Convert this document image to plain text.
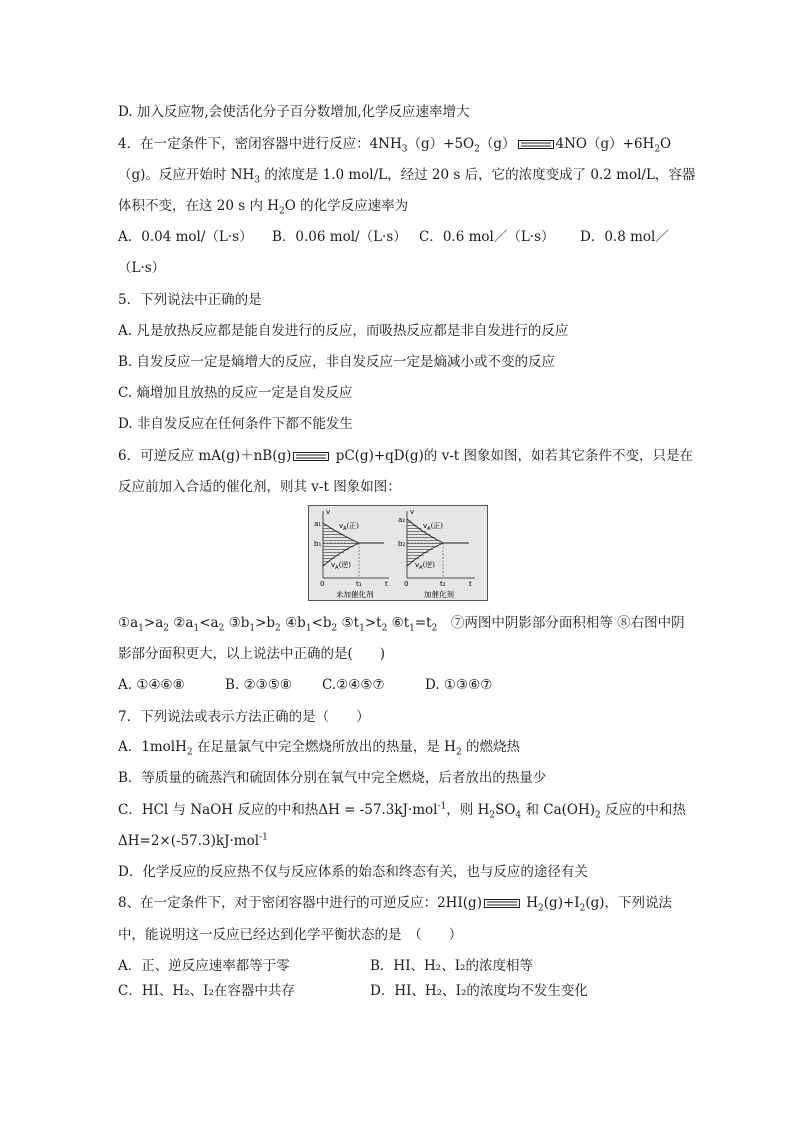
D. 加入反应物,会使活化分子百分数增加,化学反应速率增大
4．在一定条件下，密闭容器中进行反应：$4NH_3(g)+5O_2(g)$	$4NO(g)+6H_2O$
（g)。反应开始时 $NH_3$ 的浓度是 1.0 mol/L，经过 20 s 后，它的浓度变成了 0.2 mol/L，容器
体积不变，在这 20 s 内 $H_2O$ 的化学反应速率为
A．0.04 mol/（L·s） B．0.06 mol/（L·s） C．0.6 mol／（L·s） D．0.8 mol／
（L·s）
5．下列说法中正确的是
A. 凡是放热反应都是能自发进行的反应，而吸热反应都是非自发进行的反应
B. 自发反应一定是熵增大的反应，非自发反应一定是熵减小或不变的反应
C. 熵增加且放热的反应一定是自发反应
D. 非自发反应在任何条件下都不能发生
6．可逆反应 mA(g)＋nB(g)	pC(g)+qD(g)的 v-t 图象如图，如若其它条件不变，只是在
反应前加入合适的催化剂，则其 v-t 图象如图：
a₁
b₁
v
$v_A$(正)
$v_A$(逆)
0	t₁	t
未加催化剂
a₂
b₂
v
$v_A$(正)
$v_A$(逆)
0	t₂	t
加催化剂
$①a_1>a_2$ $②a_1<a_2$ $③b_1>b_2$ $④b_1<b_2$ $⑤t_1>t_2$ $⑥t_1=t_2$　⑦两图中阴影部分面积相等 ⑧右图中阴
影部分面积更大，以上说法中正确的是(　　)
A. ①④⑥⑧	B. ②③⑤⑧ C.②④⑤⑦	D. ①③⑥⑦
7．下列说法或表示方法正确的是（　　）
A．1molH$_2$ 在足量氯气中完全燃烧所放出的热量，是 $H_2$ 的燃烧热
B．等质量的硫蒸汽和硫固体分别在氧气中完全燃烧，后者放出的热量少
C．HCl 与 NaOH 反应的中和热ΔH = -57.3kJ·mol$^{-1}$，则 $H_2SO_4$ 和 $Ca(OH)_2$ 反应的中和热
ΔH=2×(-57.3)kJ·mol$^{-1}$
D．化学反应的反应热不仅与反应体系的始态和终态有关，也与反应的途径有关
8、在一定条件下，对于密闭容器中进行的可逆反应：2HI(g)	$H_2(g)+I_2(g)$，下列说法
中，能说明这一反应已经达到化学平衡状态的是　（　　）
A．正、逆反应速率都等于零	B．HI、H₂、I₂的浓度相等
C．HI、H₂、I₂在容器中共存	D．HI、H₂、I₂的浓度均不发生变化
